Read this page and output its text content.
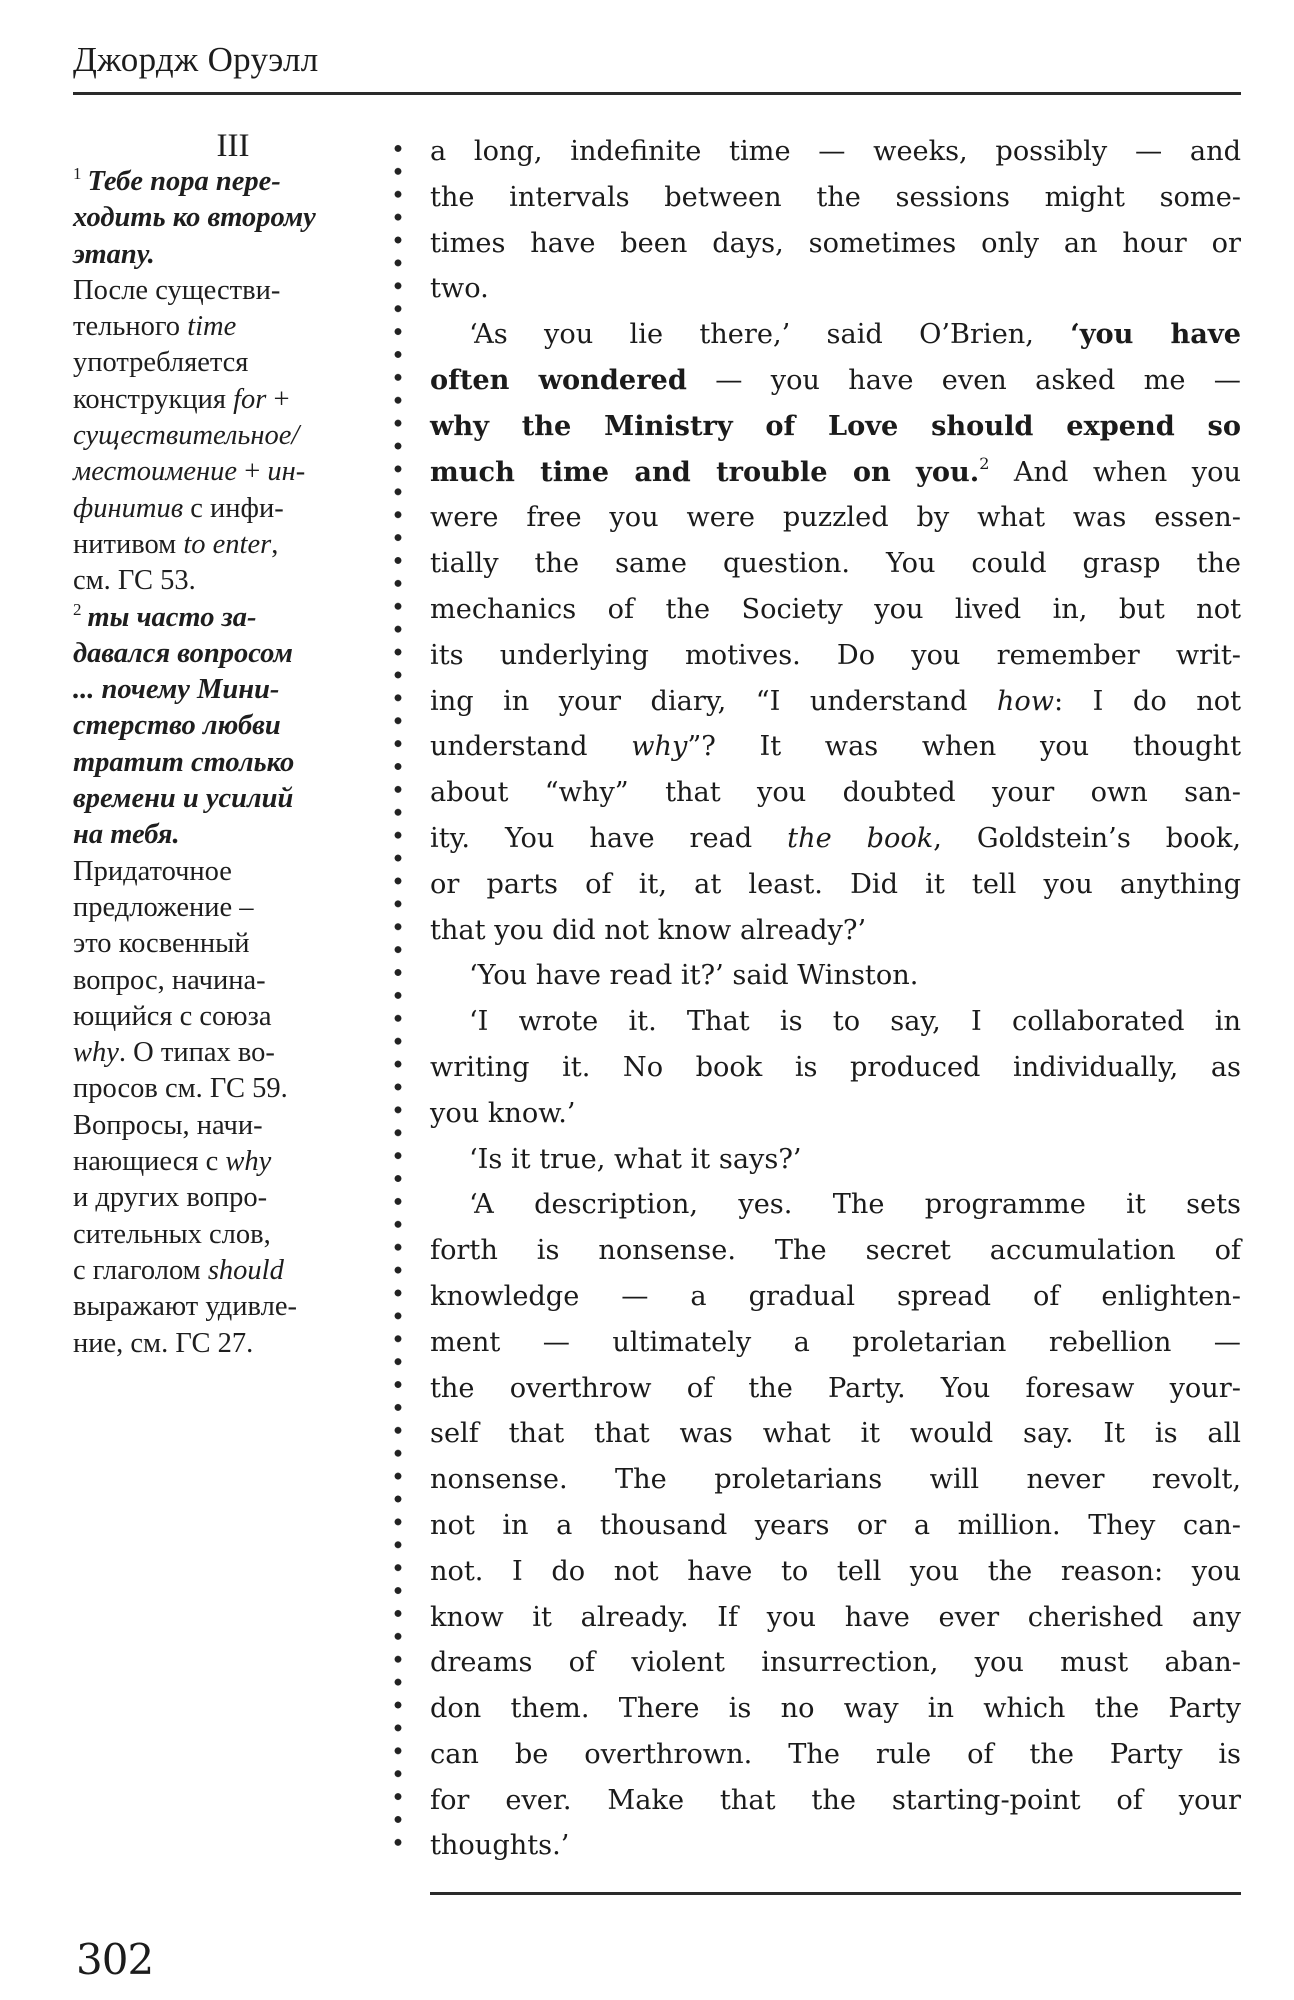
Джордж Оруэлл
III
$^1$ Тебе пора пере-
ходить ко второму
этапу.
После существи-
тельного time
употребляется
конструкция for +
существительное/
местоимение + ин-
финитив с инфи-
нитивом to enter,
см. ГС 53.
$^2$ ты часто за-
давался вопросом
... почему Мини-
стерство любви
тратит столько
времени и усилий
на тебя.
Придаточное
предложение –
это косвенный
вопрос, начина-
ющийся с союза
why. О типах во-
просов см. ГС 59.
Вопросы, начи-
нающиеся с why
и других вопро-
сительных слов,
с глаголом should
выражают удивле-
ние, см. ГС 27.
a long, indefinite time — weeks, possibly — and
the intervals between the sessions might some-
times have been days, sometimes only an hour or
two.
‘As you lie there,’ said O’Brien, ‘you have
often wondered — you have even asked me —
why the Ministry of Love should expend so
much time and trouble on you.$^2$ And when you
were free you were puzzled by what was essen-
tially the same question. You could grasp the
mechanics of the Society you lived in, but not
its underlying motives. Do you remember writ-
ing in your diary, “I understand how: I do not
understand why”? It was when you thought
about “why” that you doubted your own san-
ity. You have read the book, Goldstein’s book,
or parts of it, at least. Did it tell you anything
that you did not know already?’
‘You have read it?’ said Winston.
‘I wrote it. That is to say, I collaborated in
writing it. No book is produced individually, as
you know.’
‘Is it true, what it says?’
‘A description, yes. The programme it sets
forth is nonsense. The secret accumulation of
knowledge — a gradual spread of enlighten-
ment — ultimately a proletarian rebellion —
the overthrow of the Party. You foresaw your-
self that that was what it would say. It is all
nonsense. The proletarians will never revolt,
not in a thousand years or a million. They can-
not. I do not have to tell you the reason: you
know it already. If you have ever cherished any
dreams of violent insurrection, you must aban-
don them. There is no way in which the Party
can be overthrown. The rule of the Party is
for ever. Make that the starting-point of your
thoughts.’
302
